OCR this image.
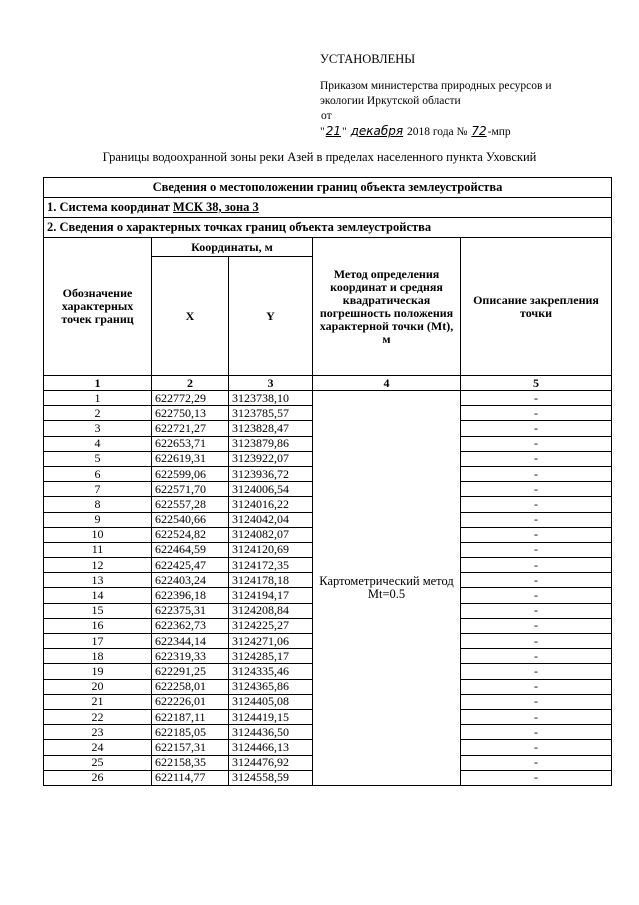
УСТАНОВЛЕНЫ
Приказом министерства природных ресурсов и
экологии Иркутской области
от
"21" декабря 2018 года № 72-мпр
Границы водоохранной зоны реки Азей в пределах населенного пункта Уховский
Сведения о местоположении границ объекта землеустройства				
1. Система координат МСК 38, зона 3				
2. Сведения о характерных точках границ объекта землеустройства				
Обозначение характерных точек границ	Координаты, м		Метод определения координат и средняя квадратическая погрешность положения характерной точки (Mt), м	Описание закрепления точки
	X	Y		
1	2	3	4	5
1	622772,29	3123738,10	Картометрический метод Mt=0.5	-
2	622750,13	3123785,57		-
3	622721,27	3123828,47		-
4	622653,71	3123879,86		-
5	622619,31	3123922,07		-
6	622599,06	3123936,72		-
7	622571,70	3124006,54		-
8	622557,28	3124016,22		-
9	622540,66	3124042,04		-
10	622524,82	3124082,07		-
11	622464,59	3124120,69		-
12	622425,47	3124172,35		-
13	622403,24	3124178,18		-
14	622396,18	3124194,17		-
15	622375,31	3124208,84		-
16	622362,73	3124225,27		-
17	622344,14	3124271,06		-
18	622319,33	3124285,17		-
19	622291,25	3124335,46		-
20	622258,01	3124365,86		-
21	622226,01	3124405,08		-
22	622187,11	3124419,15		-
23	622185,05	3124436,50		-
24	622157,31	3124466,13		-
25	622158,35	3124476,92		-
26	622114,77	3124558,59		-
